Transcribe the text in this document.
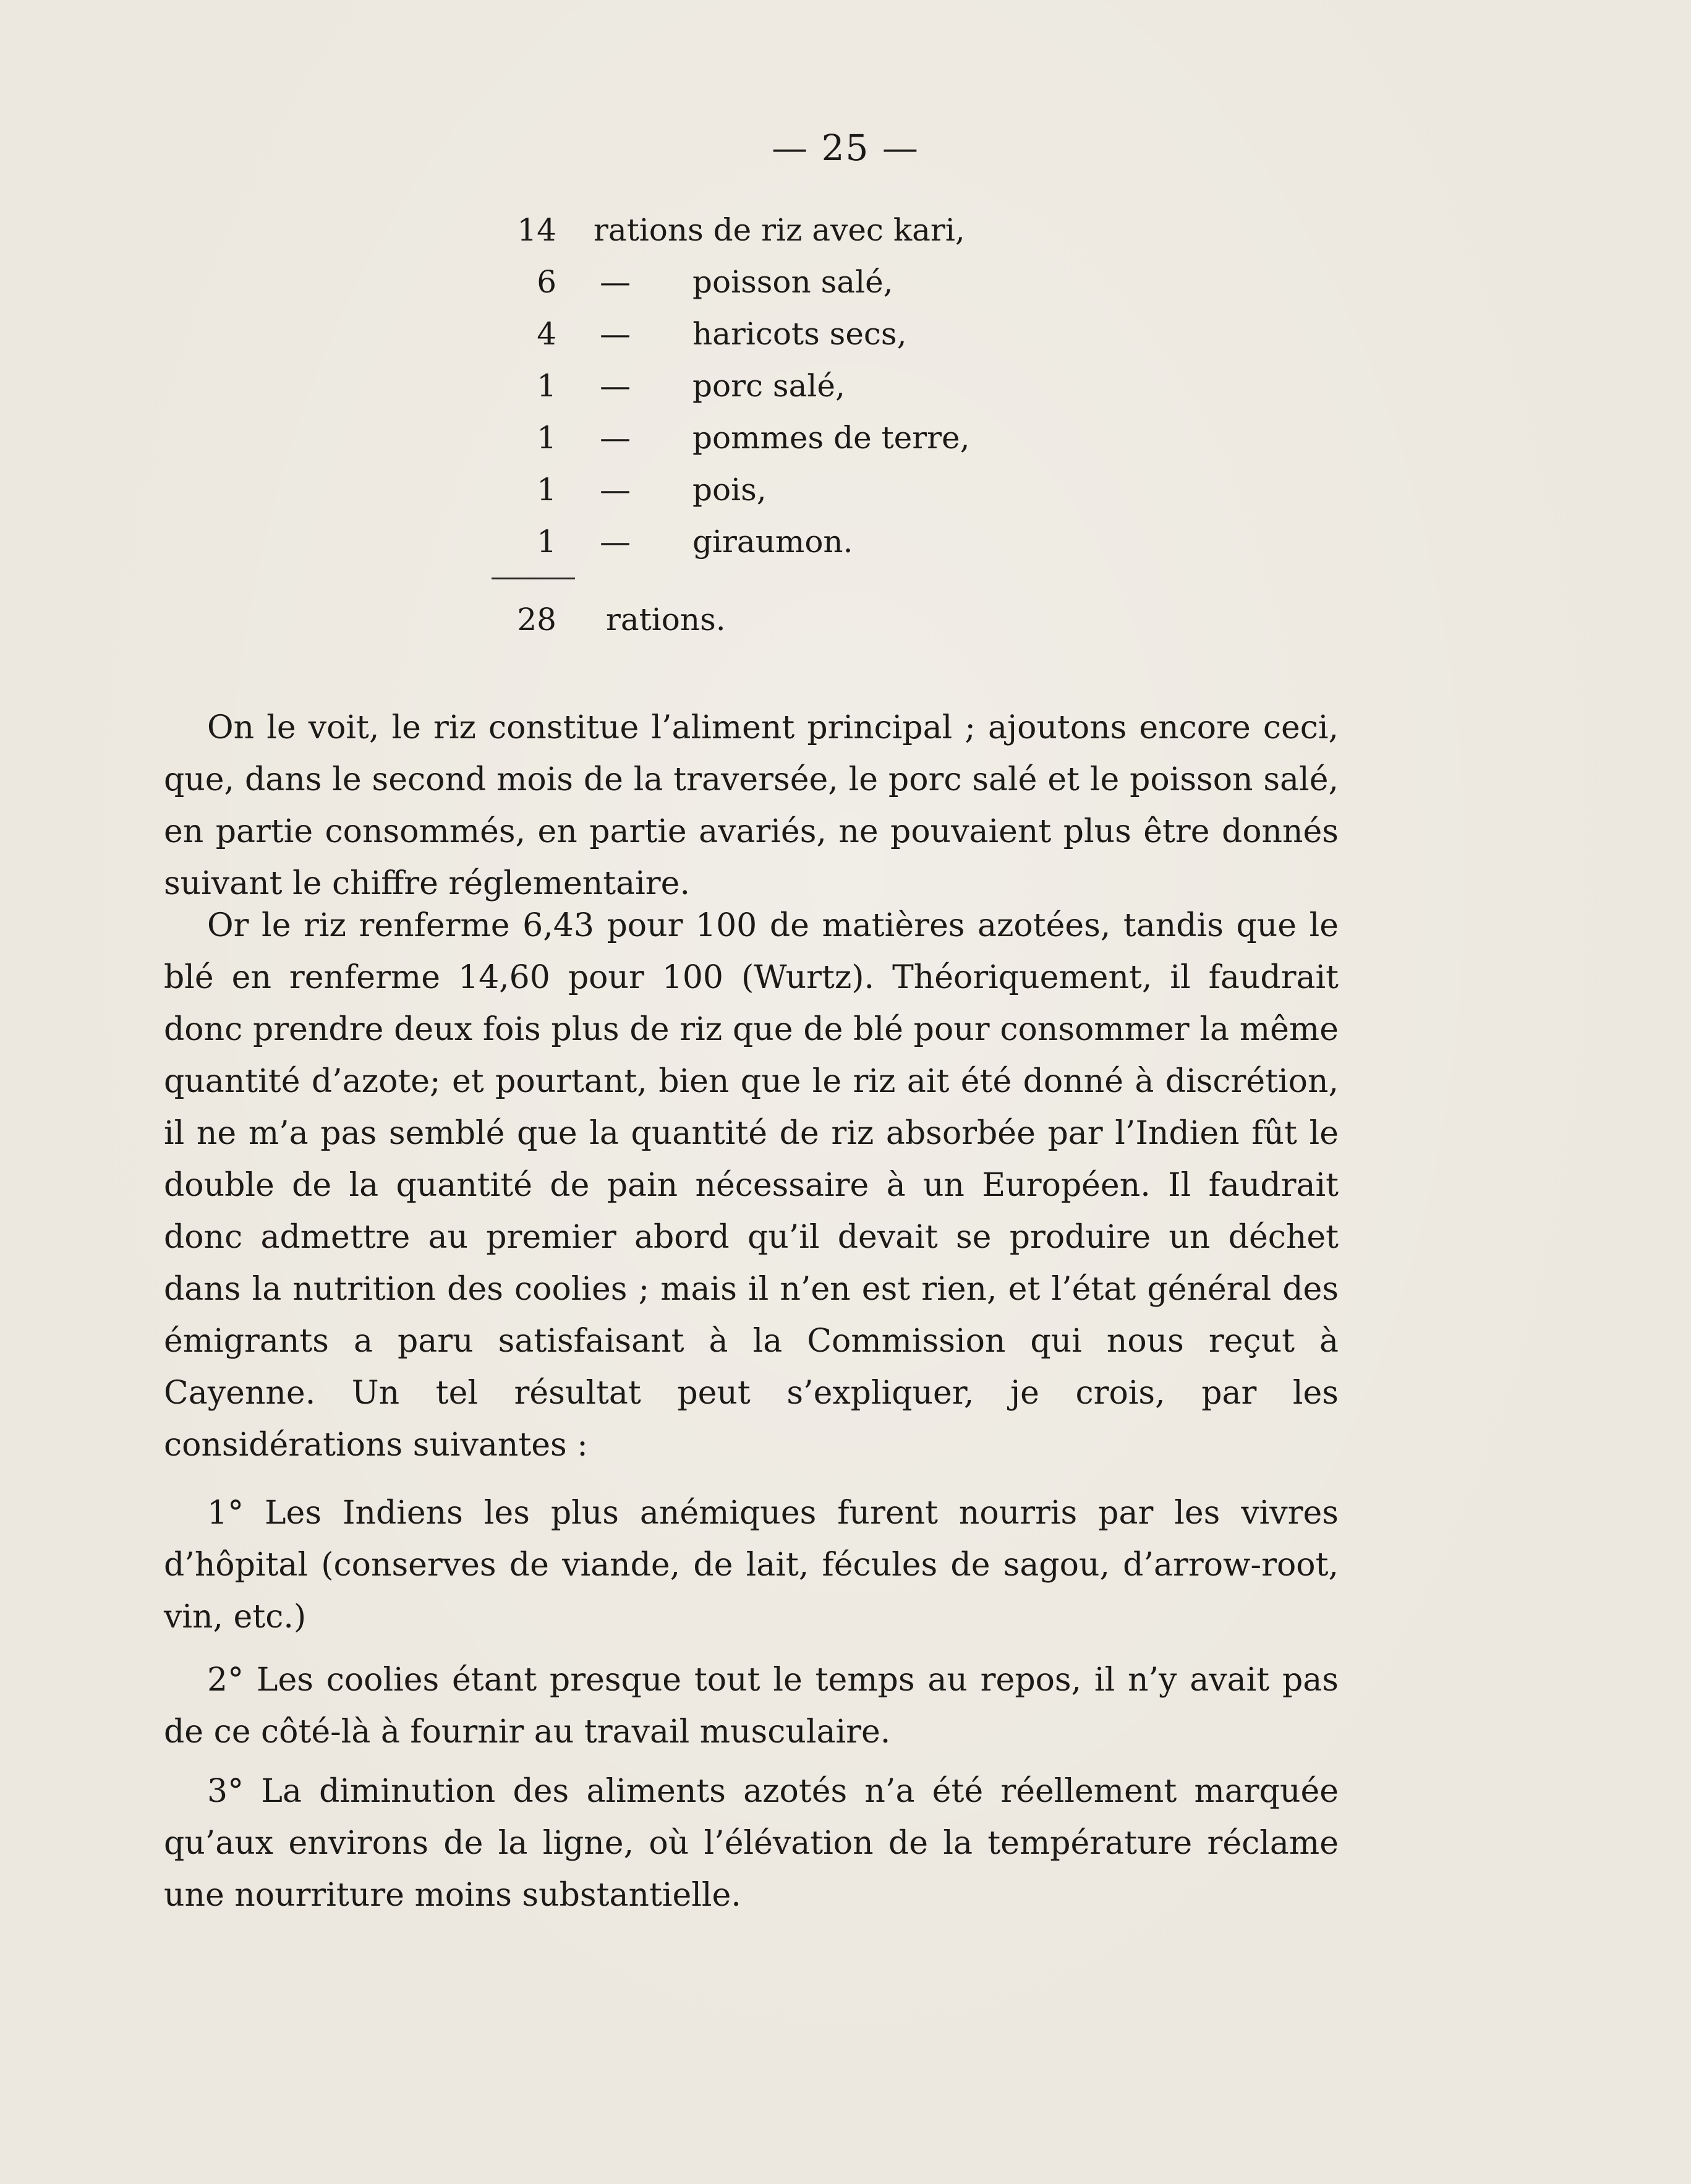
— 25 —
14 rations de riz avec kari,
6 — poisson salé,
4 — haricots secs,
1 — porc salé,
1 — pommes de terre,
1 — pois,
1 — giraumon.
28 rations.

On le voit, le riz constitue l’aliment principal ; ajoutons encore ceci, que, dans le second mois de la traversée, le porc salé et le poisson salé, en partie consommés, en partie avariés, ne pouvaient plus être donnés suivant le chiffre réglementaire.

Or le riz renferme 6,43 pour 100 de matières azotées, tandis que le blé en renferme 14,60 pour 100 (Wurtz). Théoriquement, il faudrait donc prendre deux fois plus de riz que de blé pour consommer la même quantité d’azote; et pourtant, bien que le riz ait été donné à discrétion, il ne m’a pas semblé que la quantité de riz absorbée par l’Indien fût le double de la quantité de pain nécessaire à un Européen. Il faudrait donc admettre au premier abord qu’il devait se produire un déchet dans la nutrition des coolies ; mais il n’en est rien, et l’état général des émigrants a paru satisfaisant à la Commission qui nous reçut à Cayenne. Un tel résultat peut s’expliquer, je crois, par les considérations suivantes :

1° Les Indiens les plus anémiques furent nourris par les vivres d’hôpital (conserves de viande, de lait, fécules de sagou, d’arrow-root, vin, etc.)

2° Les coolies étant presque tout le temps au repos, il n’y avait pas de ce côté-là à fournir au travail musculaire.

3° La diminution des aliments azotés n’a été réellement marquée qu’aux environs de la ligne, où l’élévation de la température réclame une nourriture moins substantielle.
